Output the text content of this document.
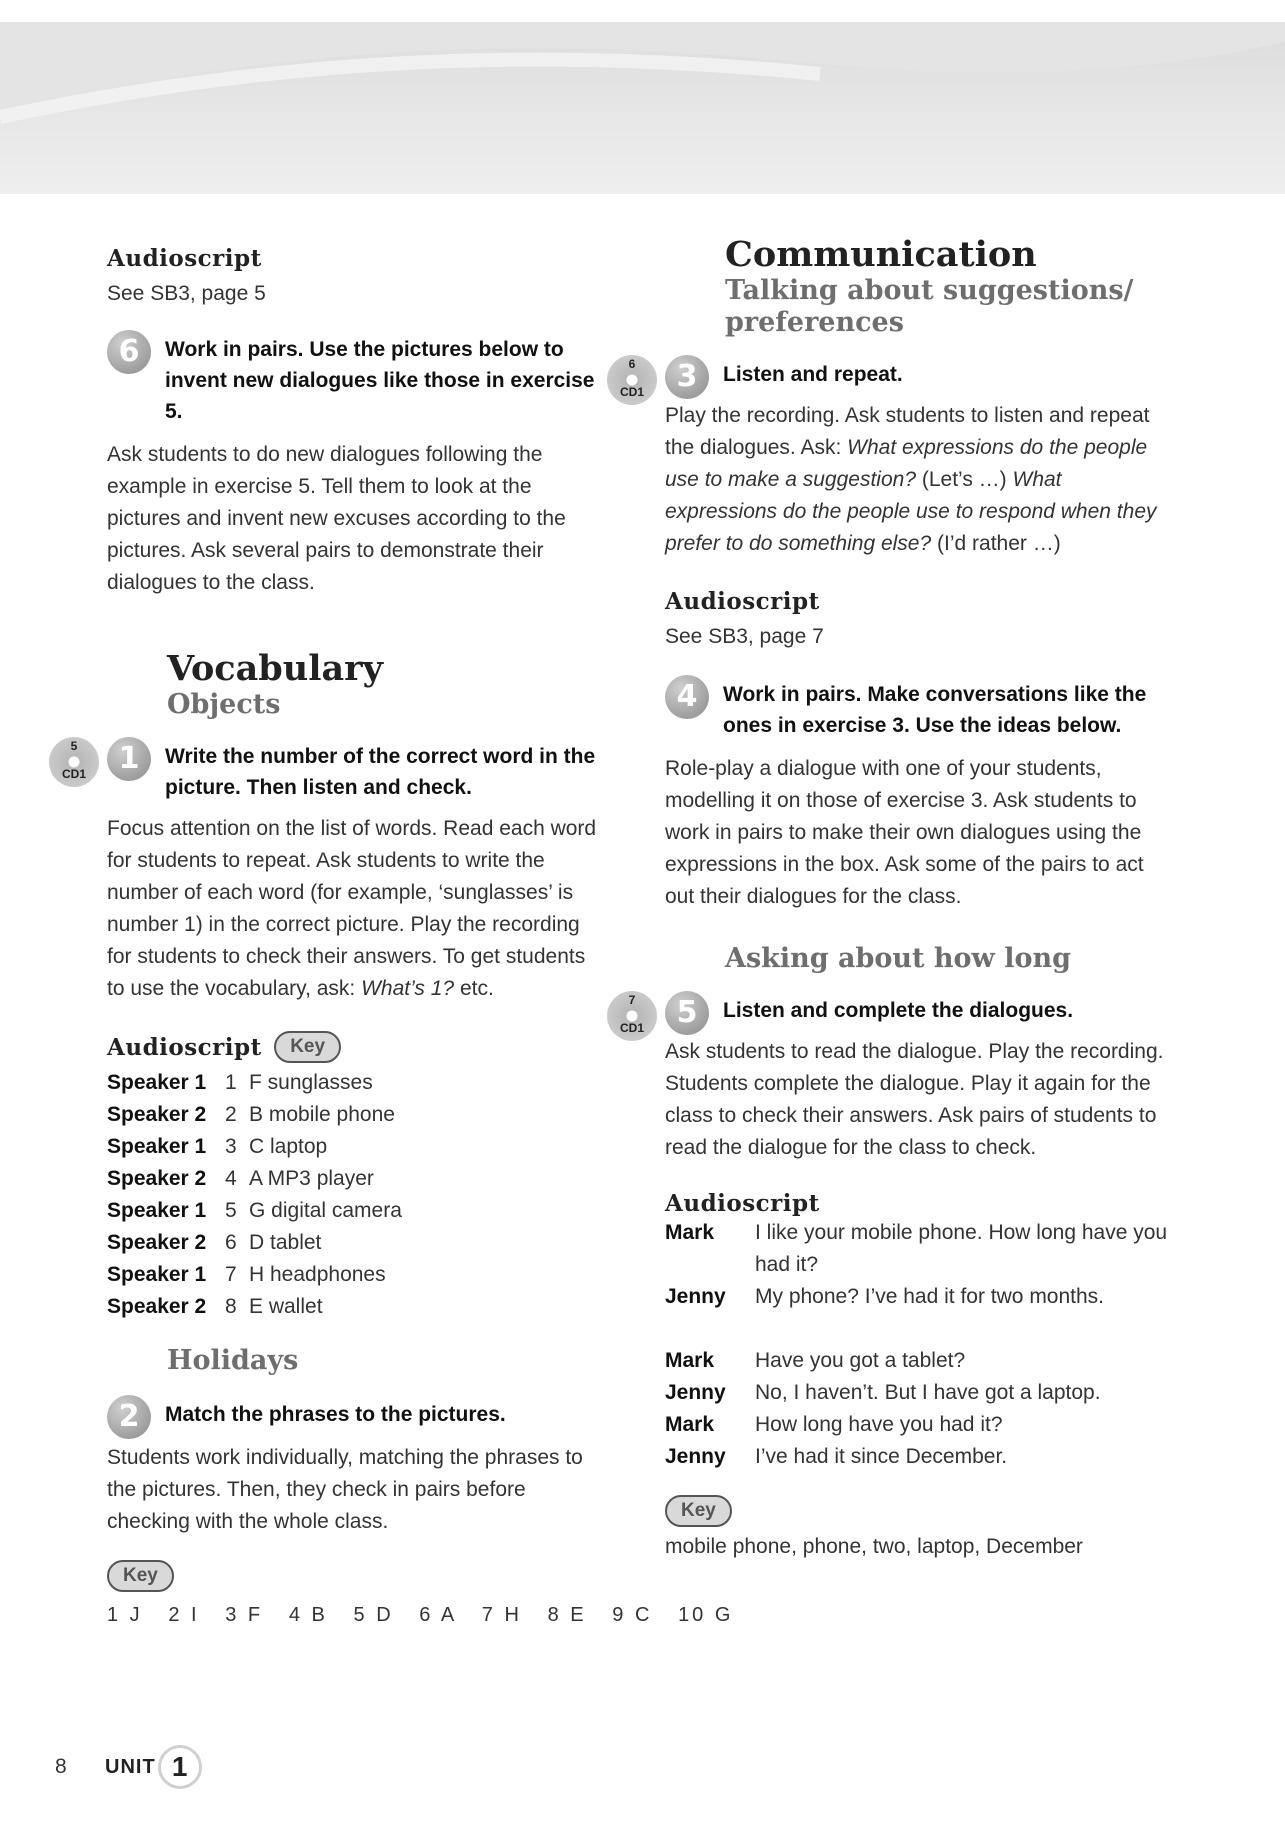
Audioscript

See SB3, page 5

6	Work in pairs. Use the pictures below to invent new dialogues like those in exercise 5.

Ask students to do new dialogues following the example in exercise 5. Tell them to look at the pictures and invent new excuses according to the pictures. Ask several pairs to demonstrate their dialogues to the class.

Vocabulary
Objects
5
CD1	1	Write the number of the correct word in the picture. Then listen and check.

Focus attention on the list of words. Read each word for students to repeat. Ask students to write the number of each word (for example, ‘sunglasses’ is number 1) in the correct picture. Play the recording for students to check their answers. To get students to use the vocabulary, ask: What’s 1? etc.

Audioscript Key
Speaker 1 1 F sunglasses
Speaker 2 2 B mobile phone
Speaker 1 3 C laptop
Speaker 2 4 A MP3 player
Speaker 1 5 G digital camera
Speaker 2 6 D tablet
Speaker 1 7 H headphones
Speaker 2 8 E wallet
Holidays
2	Match the phrases to the pictures.

Students work individually, matching the phrases to the pictures. Then, they check in pairs before checking with the whole class.

Key

1 J   2 I   3 F   4 B   5 D   6 A   7 H   8 E   9 C   10 G

Communication
Talking about suggestions/ preferences
6
CD1	3	Listen and repeat.

Play the recording. Ask students to listen and repeat the dialogues. Ask: What expressions do the people use to make a suggestion? (Let’s …) What expressions do the people use to respond when they prefer to do something else? (I’d rather …)

Audioscript

See SB3, page 7

4	Work in pairs. Make conversations like the ones in exercise 3. Use the ideas below.

Role-play a dialogue with one of your students, modelling it on those of exercise 3. Ask students to work in pairs to make their own dialogues using the expressions in the box. Ask some of the pairs to act out their dialogues for the class.

Asking about how long
7
CD1	5	Listen and complete the dialogues.

Ask students to read the dialogue. Play the recording. Students complete the dialogue. Play it again for the class to check their answers. Ask pairs of students to read the dialogue for the class to check.

Audioscript
Mark	I like your mobile phone. How long have you had it?
Jenny	My phone? I’ve had it for two months.
Mark	Have you got a tablet?
Jenny	No, I haven’t. But I have got a laptop.
Mark	How long have you had it?
Jenny	I’ve had it since December.
Key

mobile phone, phone, two, laptop, December

8	UNIT 1
